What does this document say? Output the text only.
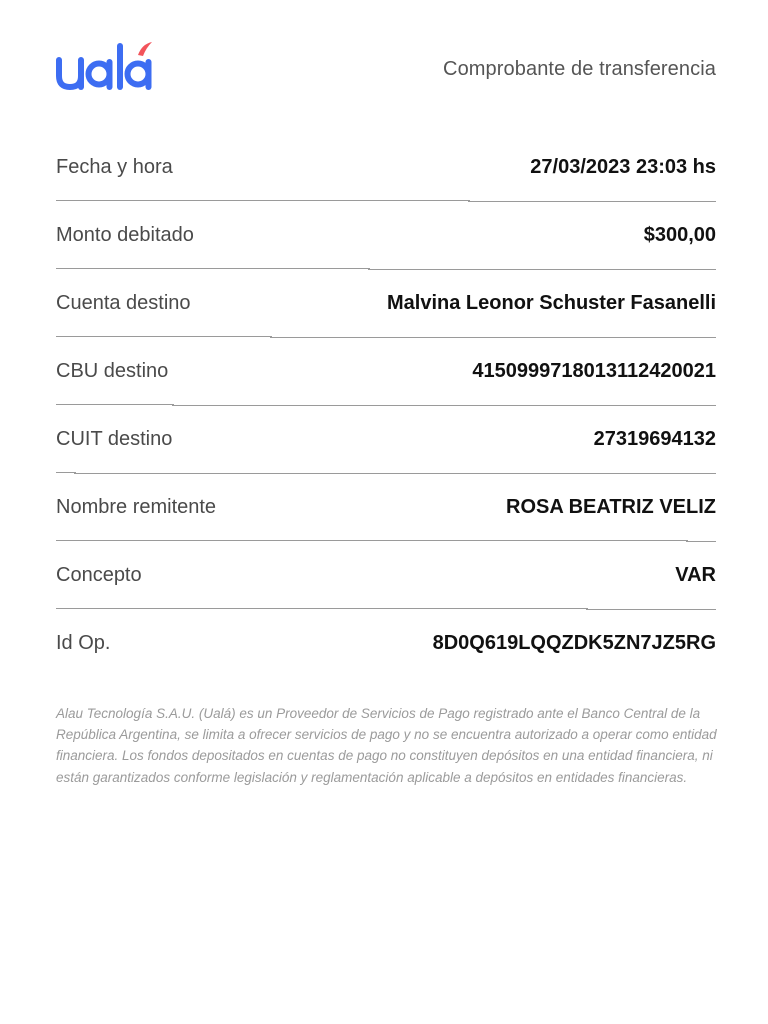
Comprobante de transferencia
Fecha y hora	27/03/2023 23:03 hs
Monto debitado	$300,00
Cuenta destino	Malvina Leonor Schuster Fasanelli
CBU destino	4150999718013112420021
CUIT destino	27319694132
Nombre remitente	ROSA BEATRIZ VELIZ
Concepto	VAR
Id Op.	8D0Q619LQQZDK5ZN7JZ5RG
Alau Tecnología S.A.U. (Ualá) es un Proveedor de Servicios de Pago registrado ante el Banco Central de la República Argentina, se limita a ofrecer servicios de pago y no se encuentra autorizado a operar como entidad financiera. Los fondos depositados en cuentas de pago no constituyen depósitos en una entidad financiera, ni están garantizados conforme legislación y reglamentación aplicable a depósitos en entidades financieras.
